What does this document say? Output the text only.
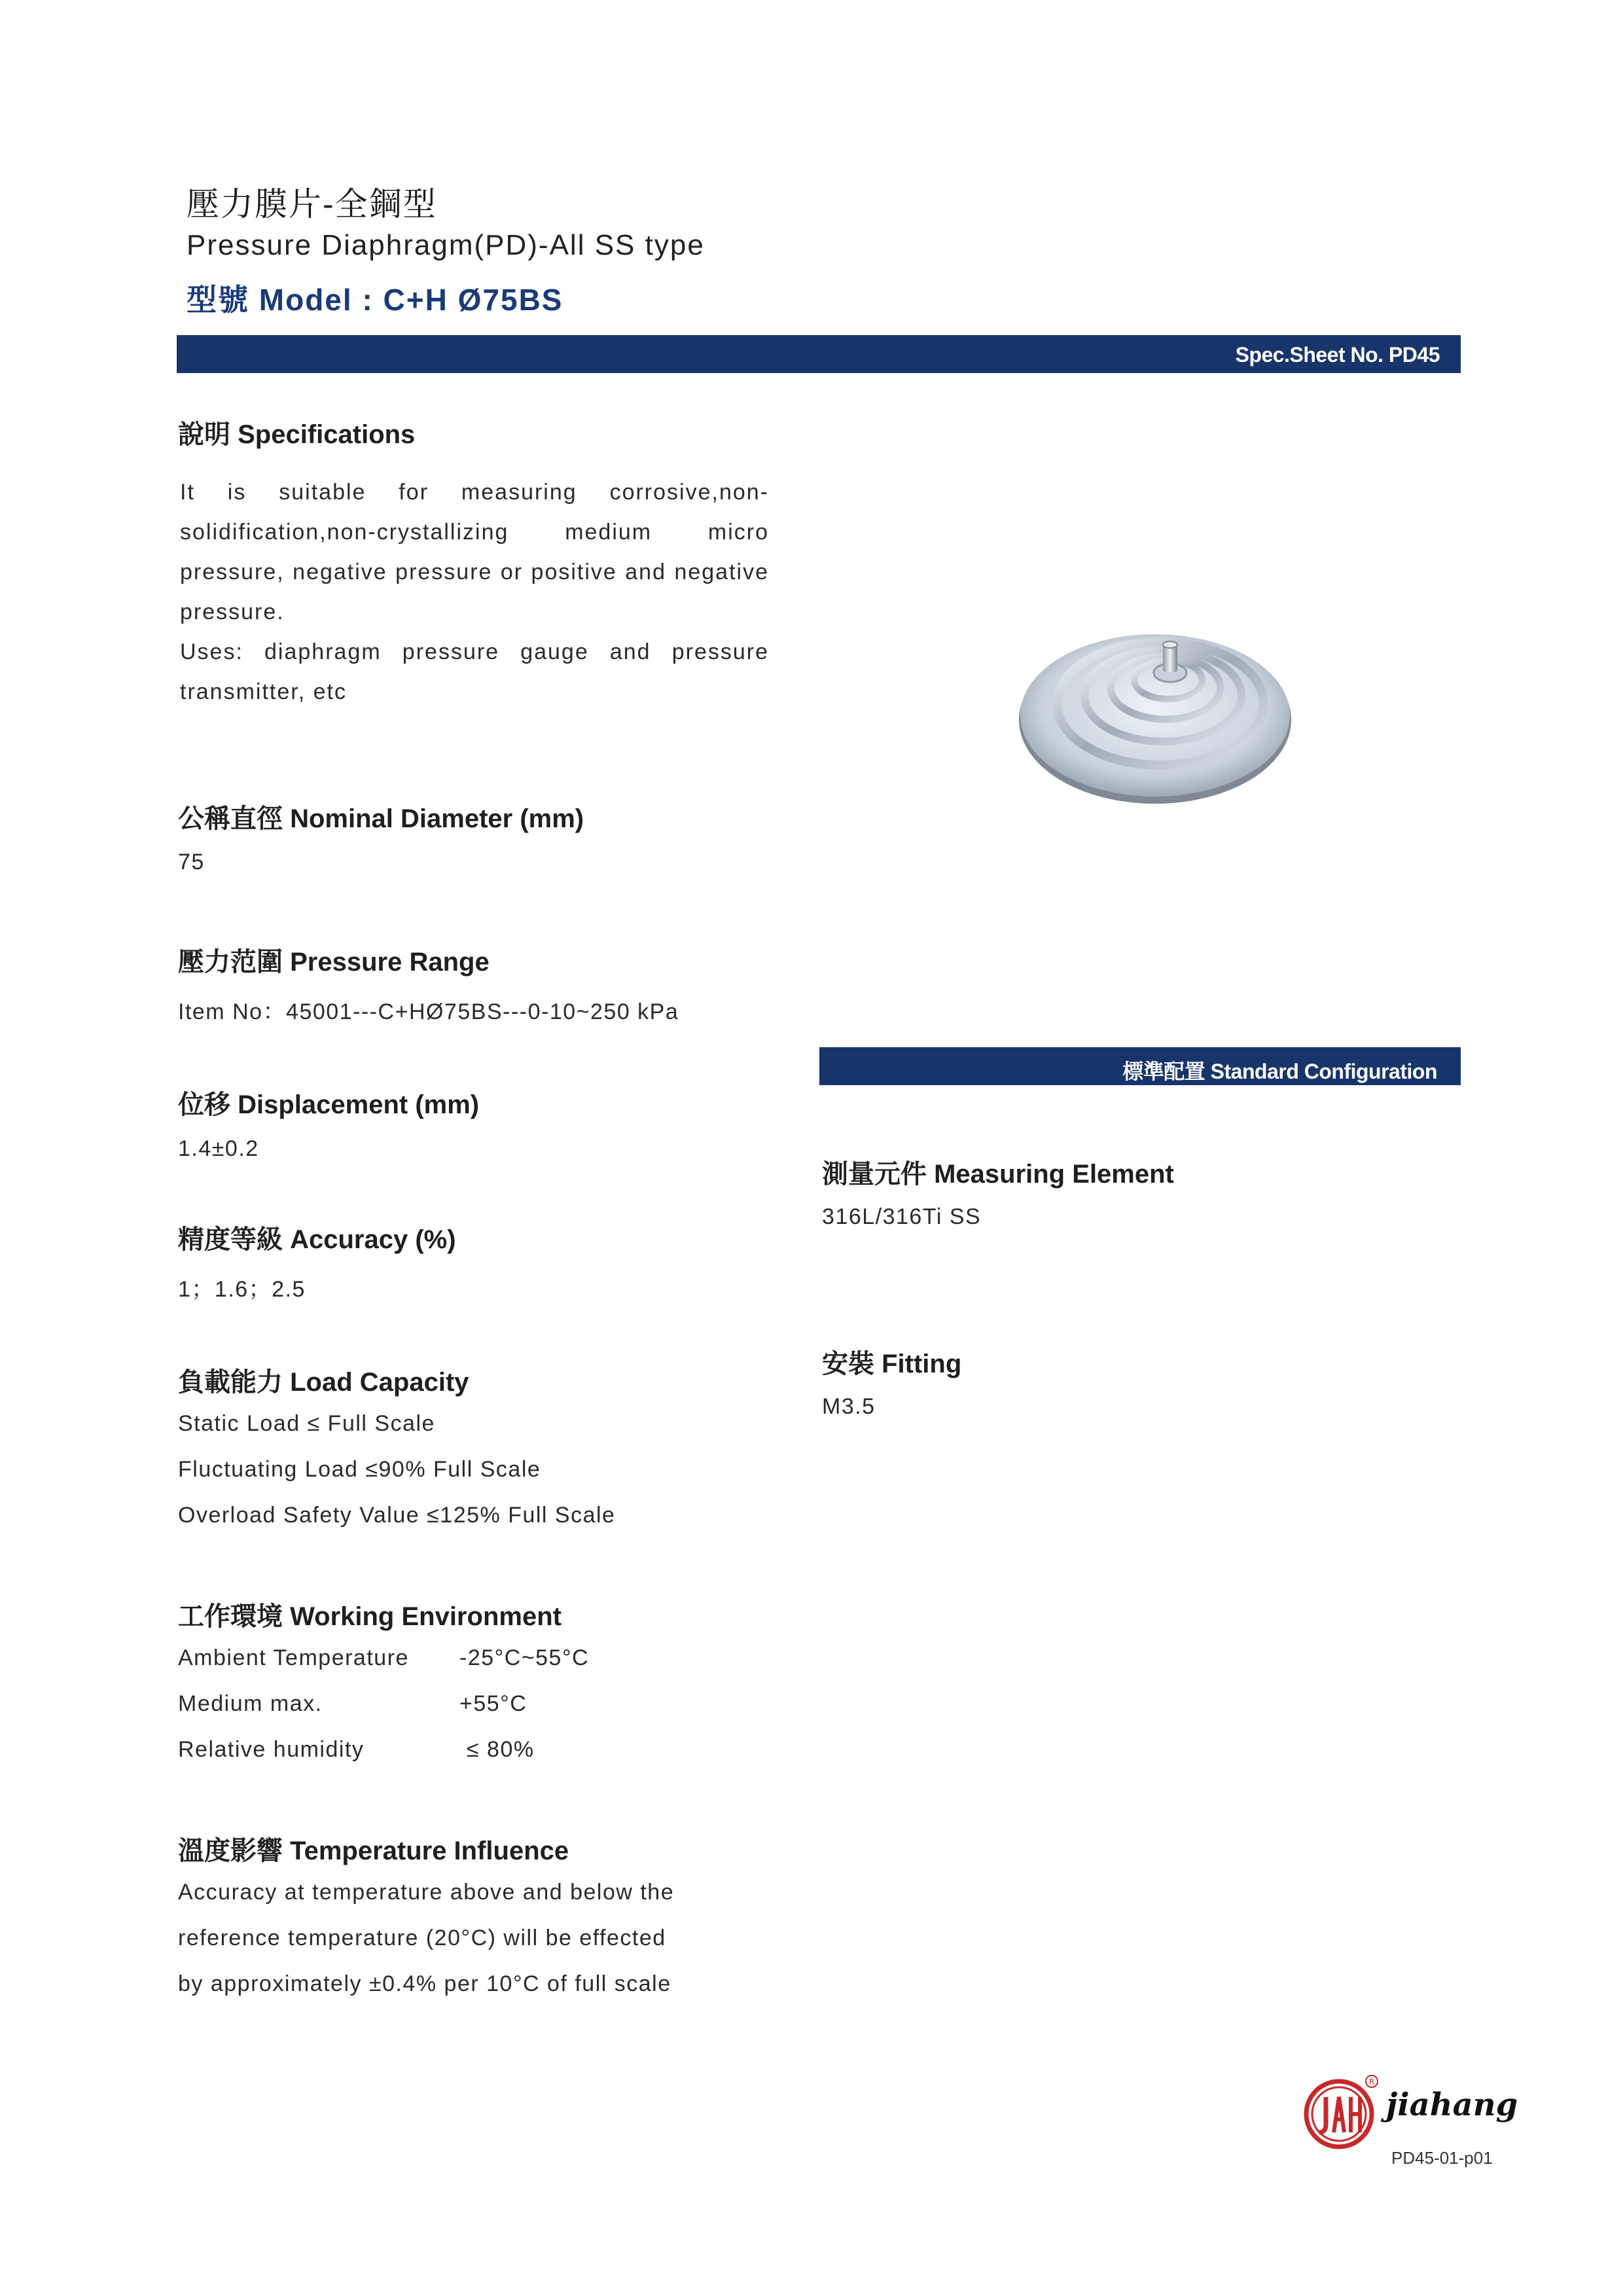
壓力膜片-全鋼型
Pressure Diaphragm(PD)-All SS type
型號 Model : C+H Ø75BS
Spec.Sheet No. PD45
說明 Specifications

It is suitable for measuring corrosive,non-solidification,non-crystallizing medium micro pressure, negative pressure or positive and negative pressure.

Uses: diaphragm pressure gauge and pressure transmitter, etc

公稱直徑 Nominal Diameter (mm)
75
壓力范圍 Pressure Range
Item No：45001---C+HØ75BS---0-10~250 kPa
位移 Displacement (mm)
1.4±0.2
精度等級 Accuracy (%)
1；1.6；2.5
負載能力 Load Capacity
Static Load ≤ Full Scale
Fluctuating Load ≤90% Full Scale
Overload Safety Value ≤125% Full Scale
工作環境 Working Environment
Ambient Temperature -25°C~55°C
Medium max.	+55°C
Relative humidity	≤ 80%
溫度影響 Temperature Influence
Accuracy at temperature above and below the
reference temperature (20°C) will be effected
by approximately ±0.4% per 10°C of full scale
標準配置 Standard Configuration
測量元件 Measuring Element
316L/316Ti SS
安裝 Fitting
M3.5
R
jiahang
PD45-01-p01
